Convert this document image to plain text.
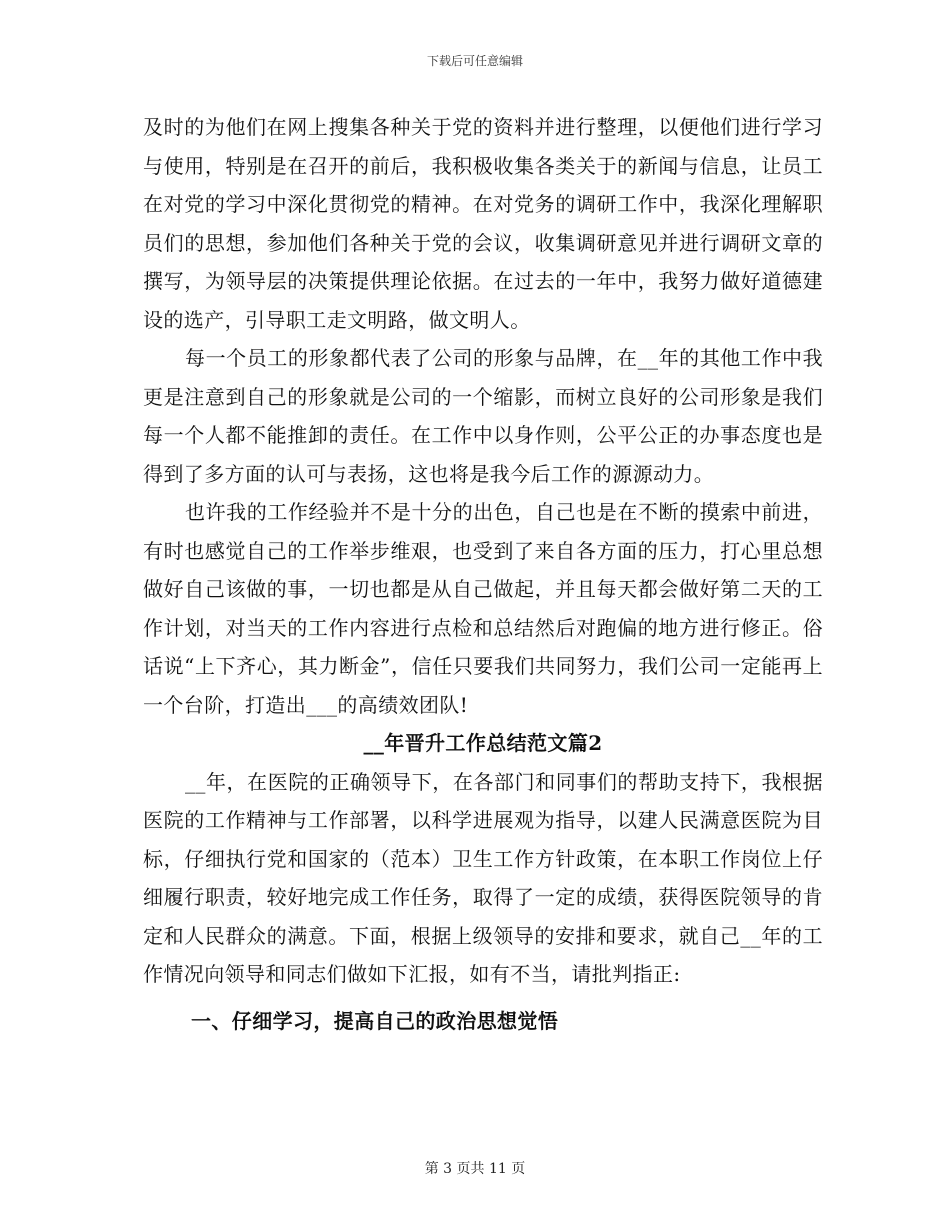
下载后可任意编辑

及时的为他们在网上搜集各种关于党的资料并进行整理，以便他们进行学习与使用，特别是在召开的前后，我积极收集各类关于的新闻与信息，让员工在对党的学习中深化贯彻党的精神。在对党务的调研工作中，我深化理解职员们的思想，参加他们各种关于党的会议，收集调研意见并进行调研文章的撰写，为领导层的决策提供理论依据。在过去的一年中，我努力做好道德建设的选产，引导职工走文明路，做文明人。

每一个员工的形象都代表了公司的形象与品牌，在__年的其他工作中我更是注意到自己的形象就是公司的一个缩影，而树立良好的公司形象是我们每一个人都不能推卸的责任。在工作中以身作则，公平公正的办事态度也是得到了多方面的认可与表扬，这也将是我今后工作的源源动力。

也许我的工作经验并不是十分的出色，自己也是在不断的摸索中前进，有时也感觉自己的工作举步维艰，也受到了来自各方面的压力，打心里总想做好自己该做的事，一切也都是从自己做起，并且每天都会做好第二天的工作计划，对当天的工作内容进行点检和总结然后对跑偏的地方进行修正。俗话说“上下齐心，其力断金”，信任只要我们共同努力，我们公司一定能再上一个台阶，打造出___的高绩效团队!

__年晋升工作总结范文篇2

__年，在医院的正确领导下，在各部门和同事们的帮助支持下，我根据医院的工作精神与工作部署，以科学进展观为指导，以建人民满意医院为目标，仔细执行党和国家的（范本）卫生工作方针政策，在本职工作岗位上仔细履行职责，较好地完成工作任务，取得了一定的成绩，获得医院领导的肯定和人民群众的满意。下面，根据上级领导的安排和要求，就自己__年的工作情况向领导和同志们做如下汇报，如有不当，请批判指正:

一、仔细学习，提高自己的政治思想觉悟

第 3 页共 11 页
